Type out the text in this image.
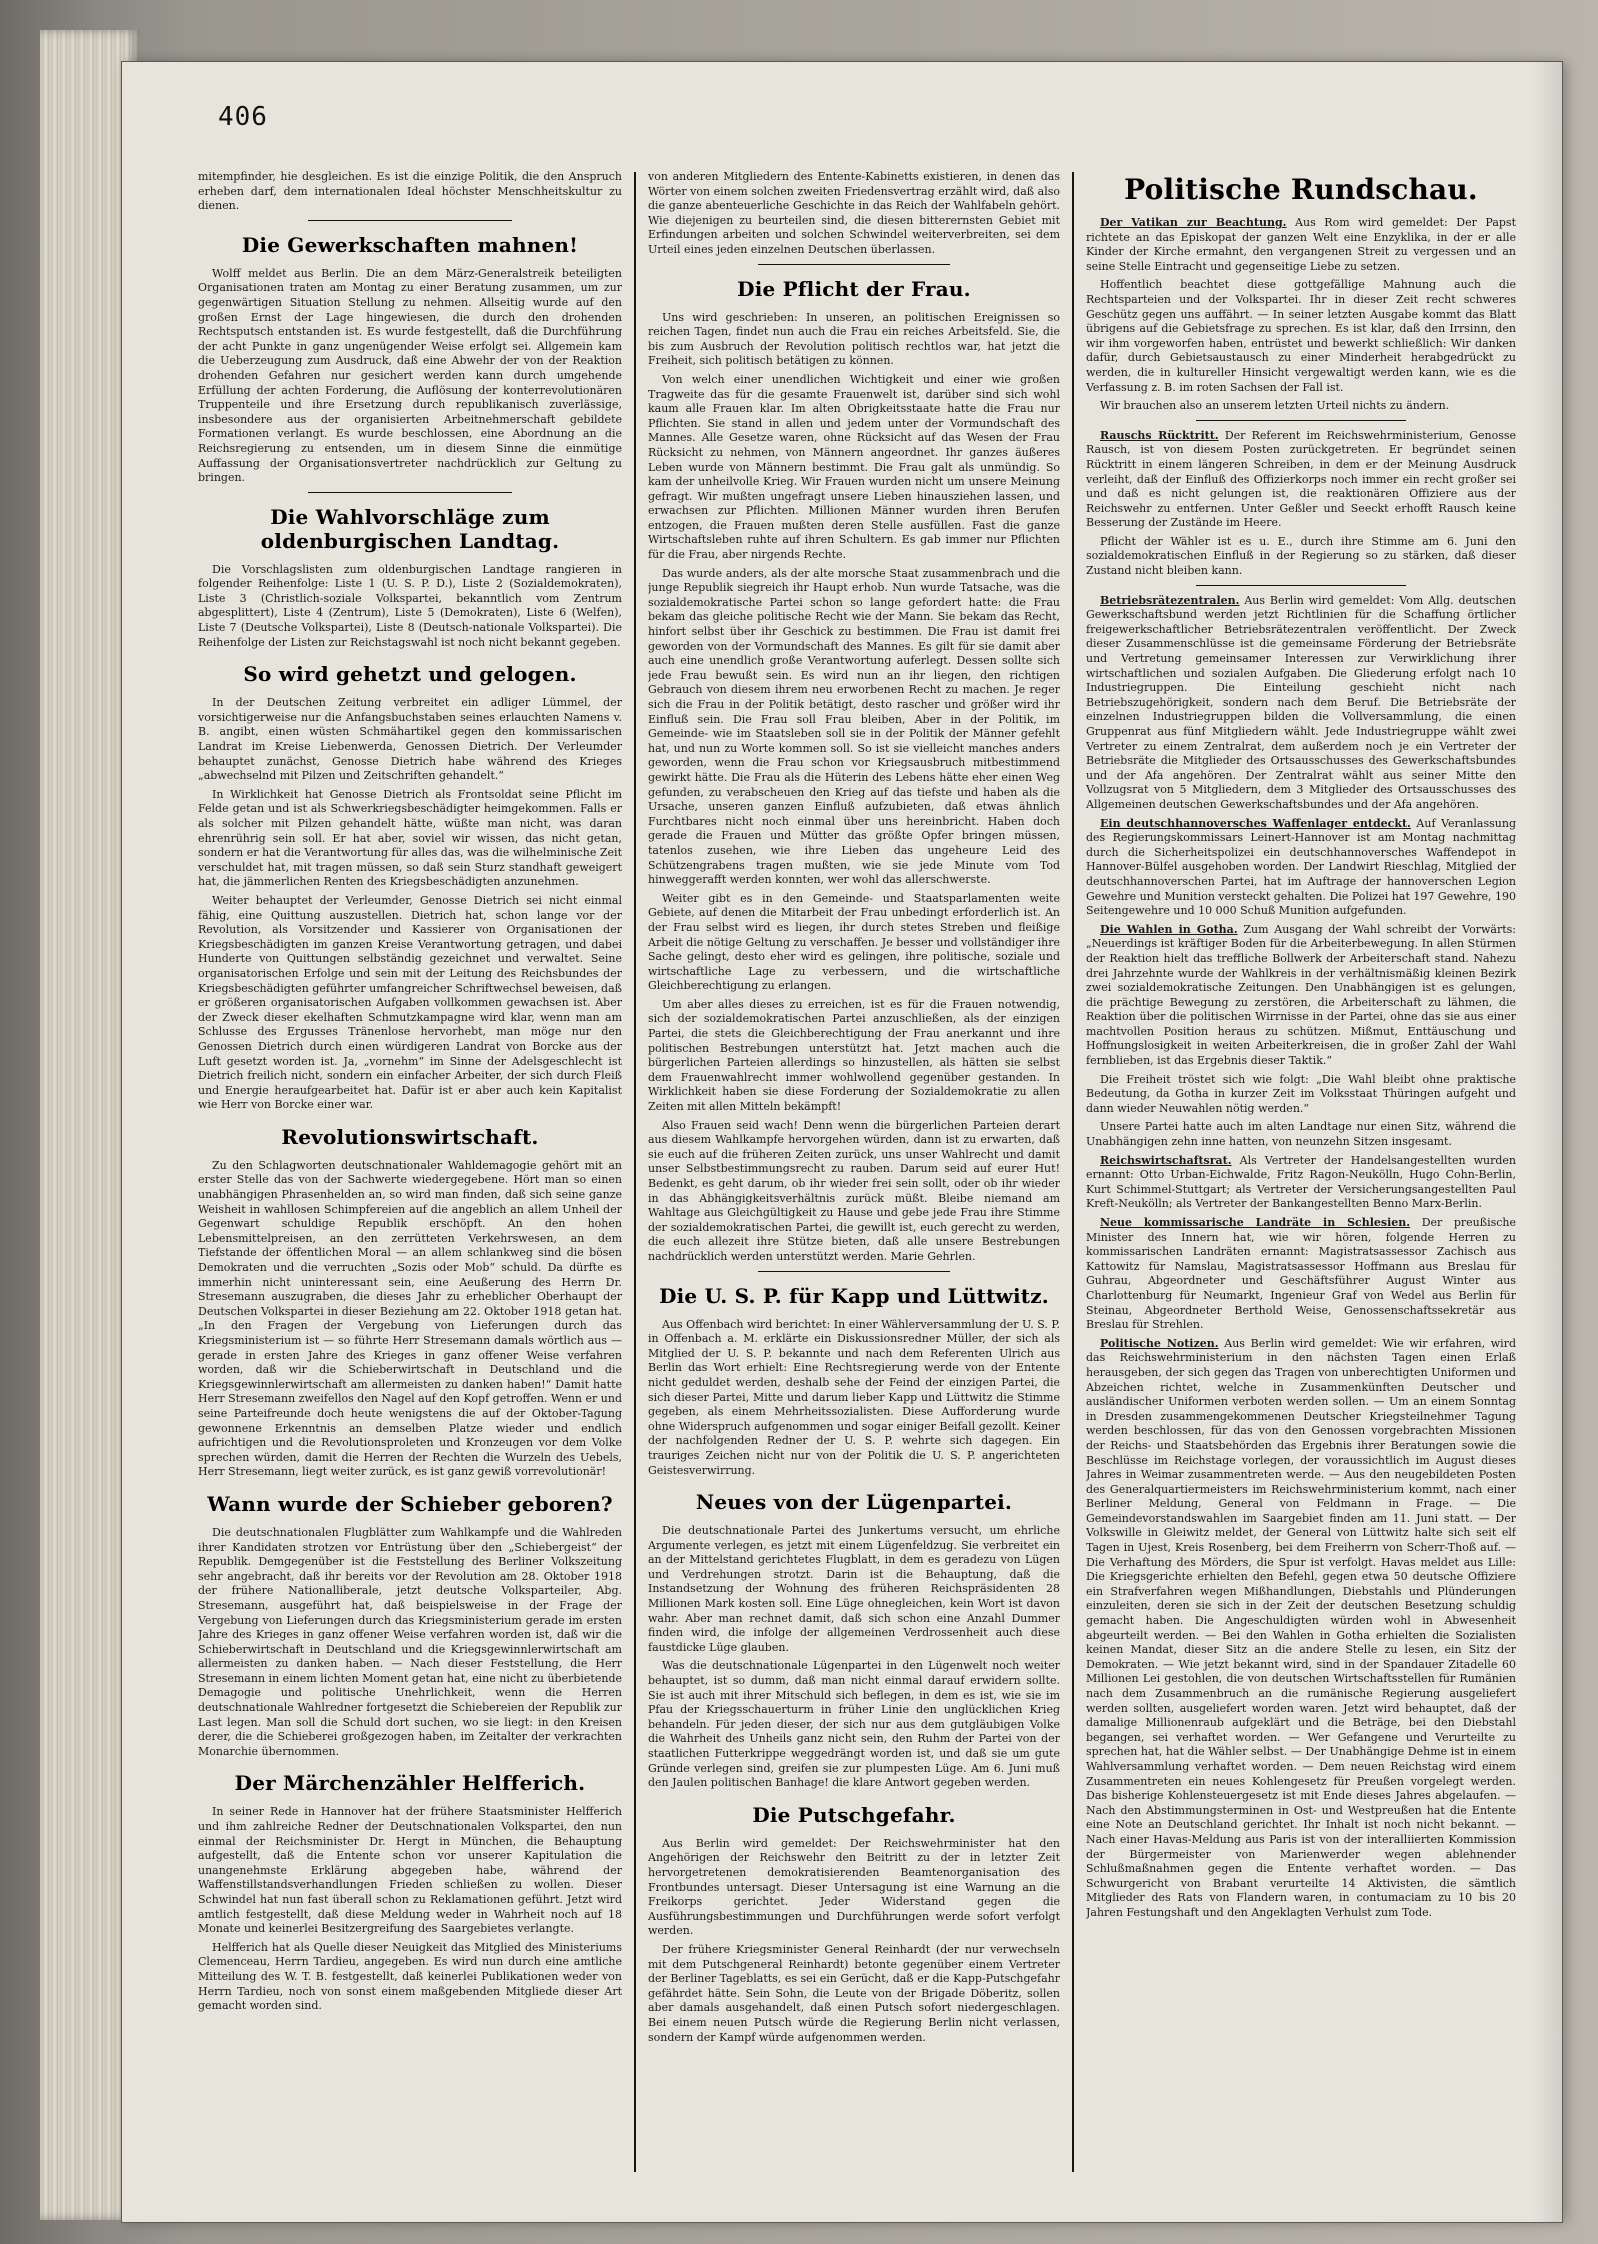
406

mitempfinder, hie desgleichen. Es ist die einzige Politik, die den Anspruch erheben darf, dem internationalen Ideal höchster Menschheitskultur zu dienen.

Die Gewerkschaften mahnen!

Wolff meldet aus Berlin. Die an dem März-Generalstreik beteiligten Organisationen traten am Montag zu einer Beratung zusammen, um zur gegenwärtigen Situation Stellung zu nehmen. Allseitig wurde auf den großen Ernst der Lage hingewiesen, die durch den drohenden Rechtsputsch entstanden ist. Es wurde festgestellt, daß die Durchführung der acht Punkte in ganz ungenügender Weise erfolgt sei. Allgemein kam die Ueberzeugung zum Ausdruck, daß eine Abwehr der von der Reaktion drohenden Gefahren nur gesichert werden kann durch umgehende Erfüllung der achten Forderung, die Auflösung der konterrevolutionären Truppenteile und ihre Ersetzung durch republikanisch zuverlässige, insbesondere aus der organisierten Arbeitnehmerschaft gebildete Formationen verlangt. Es wurde beschlossen, eine Abordnung an die Reichsregierung zu entsenden, um in diesem Sinne die einmütige Auffassung der Organisationsvertreter nachdrücklich zur Geltung zu bringen.

Die Wahlvorschläge zum oldenburgischen Landtag.

Die Vorschlagslisten zum oldenburgischen Landtage rangieren in folgender Reihenfolge: Liste 1 (U. S. P. D.), Liste 2 (Sozialdemokraten), Liste 3 (Christlich-soziale Volkspartei, bekanntlich vom Zentrum abgesplittert), Liste 4 (Zentrum), Liste 5 (Demokraten), Liste 6 (Welfen), Liste 7 (Deutsche Volkspartei), Liste 8 (Deutsch-nationale Volkspartei). Die Reihenfolge der Listen zur Reichstagswahl ist noch nicht bekannt gegeben.

So wird gehetzt und gelogen.

In der Deutschen Zeitung verbreitet ein adliger Lümmel, der vorsichtigerweise nur die Anfangsbuchstaben seines erlauchten Namens v. B. angibt, einen wüsten Schmähartikel gegen den kommissarischen Landrat im Kreise Liebenwerda, Genossen Dietrich. Der Verleumder behauptet zunächst, Genosse Dietrich habe während des Krieges „abwechselnd mit Pilzen und Zeitschriften gehandelt.“

In Wirklichkeit hat Genosse Dietrich als Frontsoldat seine Pflicht im Felde getan und ist als Schwerkriegsbeschädigter heimgekommen. Falls er als solcher mit Pilzen gehandelt hätte, wüßte man nicht, was daran ehrenrührig sein soll. Er hat aber, soviel wir wissen, das nicht getan, sondern er hat die Verantwortung für alles das, was die wilhelminische Zeit verschuldet hat, mit tragen müssen, so daß sein Sturz standhaft geweigert hat, die jämmerlichen Renten des Kriegsbeschädigten anzunehmen.

Weiter behauptet der Verleumder, Genosse Dietrich sei nicht einmal fähig, eine Quittung auszustellen. Dietrich hat, schon lange vor der Revolution, als Vorsitzender und Kassierer von Organisationen der Kriegsbeschädigten im ganzen Kreise Verantwortung getragen, und dabei Hunderte von Quittungen selbständig gezeichnet und verwaltet. Seine organisatorischen Erfolge und sein mit der Leitung des Reichsbundes der Kriegsbeschädigten geführter umfangreicher Schriftwechsel beweisen, daß er größeren organisatorischen Aufgaben vollkommen gewachsen ist. Aber der Zweck dieser ekelhaften Schmutzkampagne wird klar, wenn man am Schlusse des Ergusses Tränenlose hervorhebt, man möge nur den Genossen Dietrich durch einen würdigeren Landrat von Borcke aus der Luft gesetzt worden ist. Ja, „vornehm“ im Sinne der Adelsgeschlecht ist Dietrich freilich nicht, sondern ein einfacher Arbeiter, der sich durch Fleiß und Energie heraufgearbeitet hat. Dafür ist er aber auch kein Kapitalist wie Herr von Borcke einer war.

Revolutionswirtschaft.

Zu den Schlagworten deutschnationaler Wahldemagogie gehört mit an erster Stelle das von der Sachwerte wiedergegebene. Hört man so einen unabhängigen Phrasenhelden an, so wird man finden, daß sich seine ganze Weisheit in wahllosen Schimpfereien auf die angeblich an allem Unheil der Gegenwart schuldige Republik erschöpft. An den hohen Lebensmittelpreisen, an den zerrütteten Verkehrswesen, an dem Tiefstande der öffentlichen Moral — an allem schlankweg sind die bösen Demokraten und die verruchten „Sozis oder Mob“ schuld. Da dürfte es immerhin nicht uninteressant sein, eine Aeußerung des Herrn Dr. Stresemann auszugraben, die dieses Jahr zu erheblicher Oberhaupt der Deutschen Volkspartei in dieser Beziehung am 22. Oktober 1918 getan hat. „In den Fragen der Vergebung von Lieferungen durch das Kriegsministerium ist — so führte Herr Stresemann damals wörtlich aus — gerade in ersten Jahre des Krieges in ganz offener Weise verfahren worden, daß wir die Schieberwirtschaft in Deutschland und die Kriegsgewinnlerwirtschaft am allermeisten zu danken haben!“ Damit hatte Herr Stresemann zweifellos den Nagel auf den Kopf getroffen. Wenn er und seine Parteifreunde doch heute wenigstens die auf der Oktober-Tagung gewonnene Erkenntnis an demselben Platze wieder und endlich aufrichtigen und die Revolutionsproleten und Kronzeugen vor dem Volke sprechen würden, damit die Herren der Rechten die Wurzeln des Uebels, Herr Stresemann, liegt weiter zurück, es ist ganz gewiß vorrevolutionär!

Wann wurde der Schieber geboren?

Die deutschnationalen Flugblätter zum Wahlkampfe und die Wahlreden ihrer Kandidaten strotzen vor Entrüstung über den „Schiebergeist“ der Republik. Demgegenüber ist die Feststellung des Berliner Volkszeitung sehr angebracht, daß ihr bereits vor der Revolution am 28. Oktober 1918 der frühere Nationalliberale, jetzt deutsche Volksparteiler, Abg. Stresemann, ausgeführt hat, daß beispielsweise in der Frage der Vergebung von Lieferungen durch das Kriegsministerium gerade im ersten Jahre des Krieges in ganz offener Weise verfahren worden ist, daß wir die Schieberwirtschaft in Deutschland und die Kriegsgewinnlerwirtschaft am allermeisten zu danken haben. — Nach dieser Feststellung, die Herr Stresemann in einem lichten Moment getan hat, eine nicht zu überbietende Demagogie und politische Unehrlichkeit, wenn die Herren deutschnationale Wahlredner fortgesetzt die Schiebereien der Republik zur Last legen. Man soll die Schuld dort suchen, wo sie liegt: in den Kreisen derer, die die Schieberei großgezogen haben, im Zeitalter der verkrachten Monarchie übernommen.

Der Märchenzähler Helfferich.

In seiner Rede in Hannover hat der frühere Staatsminister Helfferich und ihm zahlreiche Redner der Deutschnationalen Volkspartei, den nun einmal der Reichsminister Dr. Hergt in München, die Behauptung aufgestellt, daß die Entente schon vor unserer Kapitulation die unangenehmste Erklärung abgegeben habe, während der Waffenstillstandsverhandlungen Frieden schließen zu wollen. Dieser Schwindel hat nun fast überall schon zu Reklamationen geführt. Jetzt wird amtlich festgestellt, daß diese Meldung weder in Wahrheit noch auf 18 Monate und keinerlei Besitzergreifung des Saargebietes verlangte.

Helfferich hat als Quelle dieser Neuigkeit das Mitglied des Ministeriums Clemenceau, Herrn Tardieu, angegeben. Es wird nun durch eine amtliche Mitteilung des W. T. B. festgestellt, daß keinerlei Publikationen weder von Herrn Tardieu, noch von sonst einem maßgebenden Mitgliede dieser Art gemacht worden sind.

von anderen Mitgliedern des Entente-Kabinetts existieren, in denen das Wörter von einem solchen zweiten Friedensvertrag erzählt wird, daß also die ganze abenteuerliche Geschichte in das Reich der Wahlfabeln gehört. Wie diejenigen zu beurteilen sind, die diesen bitterernsten Gebiet mit Erfindungen arbeiten und solchen Schwindel weiterverbreiten, sei dem Urteil eines jeden einzelnen Deutschen überlassen.

Die Pflicht der Frau.

Uns wird geschrieben: In unseren, an politischen Ereignissen so reichen Tagen, findet nun auch die Frau ein reiches Arbeitsfeld. Sie, die bis zum Ausbruch der Revolution politisch rechtlos war, hat jetzt die Freiheit, sich politisch betätigen zu können.

Von welch einer unendlichen Wichtigkeit und einer wie großen Tragweite das für die gesamte Frauenwelt ist, darüber sind sich wohl kaum alle Frauen klar. Im alten Obrigkeitsstaate hatte die Frau nur Pflichten. Sie stand in allen und jedem unter der Vormundschaft des Mannes. Alle Gesetze waren, ohne Rücksicht auf das Wesen der Frau Rücksicht zu nehmen, von Männern angeordnet. Ihr ganzes äußeres Leben wurde von Männern bestimmt. Die Frau galt als unmündig. So kam der unheilvolle Krieg. Wir Frauen wurden nicht um unsere Meinung gefragt. Wir mußten ungefragt unsere Lieben hinausziehen lassen, und erwachsen zur Pflichten. Millionen Männer wurden ihren Berufen entzogen, die Frauen mußten deren Stelle ausfüllen. Fast die ganze Wirtschaftsleben ruhte auf ihren Schultern. Es gab immer nur Pflichten für die Frau, aber nirgends Rechte.

Das wurde anders, als der alte morsche Staat zusammenbrach und die junge Republik siegreich ihr Haupt erhob. Nun wurde Tatsache, was die sozialdemokratische Partei schon so lange gefordert hatte: die Frau bekam das gleiche politische Recht wie der Mann. Sie bekam das Recht, hinfort selbst über ihr Geschick zu bestimmen. Die Frau ist damit frei geworden von der Vormundschaft des Mannes. Es gilt für sie damit aber auch eine unendlich große Verantwortung auferlegt. Dessen sollte sich jede Frau bewußt sein. Es wird nun an ihr liegen, den richtigen Gebrauch von diesem ihrem neu erworbenen Recht zu machen. Je reger sich die Frau in der Politik betätigt, desto rascher und größer wird ihr Einfluß sein. Die Frau soll Frau bleiben, Aber in der Politik, im Gemeinde- wie im Staatsleben soll sie in der Politik der Männer gefehlt hat, und nun zu Worte kommen soll. So ist sie vielleicht manches anders geworden, wenn die Frau schon vor Kriegsausbruch mitbestimmend gewirkt hätte. Die Frau als die Hüterin des Lebens hätte eher einen Weg gefunden, zu verabscheuen den Krieg auf das tiefste und haben als die Ursache, unseren ganzen Einfluß aufzubieten, daß etwas ähnlich Furchtbares nicht noch einmal über uns hereinbricht. Haben doch gerade die Frauen und Mütter das größte Opfer bringen müssen, tatenlos zusehen, wie ihre Lieben das ungeheure Leid des Schützengrabens tragen mußten, wie sie jede Minute vom Tod hinweggerafft werden konnten, wer wohl das allerschwerste.

Weiter gibt es in den Gemeinde- und Staatsparlamenten weite Gebiete, auf denen die Mitarbeit der Frau unbedingt erforderlich ist. An der Frau selbst wird es liegen, ihr durch stetes Streben und fleißige Arbeit die nötige Geltung zu verschaffen. Je besser und vollständiger ihre Sache gelingt, desto eher wird es gelingen, ihre politische, soziale und wirtschaftliche Lage zu verbessern, und die wirtschaftliche Gleichberechtigung zu erlangen.

Um aber alles dieses zu erreichen, ist es für die Frauen notwendig, sich der sozialdemokratischen Partei anzuschließen, als der einzigen Partei, die stets die Gleichberechtigung der Frau anerkannt und ihre politischen Bestrebungen unterstützt hat. Jetzt machen auch die bürgerlichen Parteien allerdings so hinzustellen, als hätten sie selbst dem Frauenwahlrecht immer wohlwollend gegenüber gestanden. In Wirklichkeit haben sie diese Forderung der Sozialdemokratie zu allen Zeiten mit allen Mitteln bekämpft!

Also Frauen seid wach! Denn wenn die bürgerlichen Parteien derart aus diesem Wahlkampfe hervorgehen würden, dann ist zu erwarten, daß sie euch auf die früheren Zeiten zurück, uns unser Wahlrecht und damit unser Selbstbestimmungsrecht zu rauben. Darum seid auf eurer Hut! Bedenkt, es geht darum, ob ihr wieder frei sein sollt, oder ob ihr wieder in das Abhängigkeitsverhältnis zurück müßt. Bleibe niemand am Wahltage aus Gleichgültigkeit zu Hause und gebe jede Frau ihre Stimme der sozialdemokratischen Partei, die gewillt ist, euch gerecht zu werden, die euch allezeit ihre Stütze bieten, daß alle unsere Bestrebungen nachdrücklich werden unterstützt werden. Marie Gehrlen.

Die U. S. P. für Kapp und Lüttwitz.

Aus Offenbach wird berichtet: In einer Wählerversammlung der U. S. P. in Offenbach a. M. erklärte ein Diskussionsredner Müller, der sich als Mitglied der U. S. P. bekannte und nach dem Referenten Ulrich aus Berlin das Wort erhielt: Eine Rechtsregierung werde von der Entente nicht geduldet werden, deshalb sehe der Feind der einzigen Partei, die sich dieser Partei, Mitte und darum lieber Kapp und Lüttwitz die Stimme gegeben, als einem Mehrheitssozialisten. Diese Aufforderung wurde ohne Widerspruch aufgenommen und sogar einiger Beifall gezollt. Keiner der nachfolgenden Redner der U. S. P. wehrte sich dagegen. Ein trauriges Zeichen nicht nur von der Politik die U. S. P. angerichteten Geistesverwirrung.

Neues von der Lügenpartei.

Die deutschnationale Partei des Junkertums versucht, um ehrliche Argumente verlegen, es jetzt mit einem Lügenfeldzug. Sie verbreitet ein an der Mittelstand gerichtetes Flugblatt, in dem es geradezu von Lügen und Verdrehungen strotzt. Darin ist die Behauptung, daß die Instandsetzung der Wohnung des früheren Reichspräsidenten 28 Millionen Mark kosten soll. Eine Lüge ohnegleichen, kein Wort ist davon wahr. Aber man rechnet damit, daß sich schon eine Anzahl Dummer finden wird, die infolge der allgemeinen Verdrossenheit auch diese faustdicke Lüge glauben.

Was die deutschnationale Lügenpartei in den Lügenwelt noch weiter behauptet, ist so dumm, daß man nicht einmal darauf erwidern sollte. Sie ist auch mit ihrer Mitschuld sich beflegen, in dem es ist, wie sie im Pfau der Kriegsschauerturm in früher Linie den unglücklichen Krieg behandeln. Für jeden dieser, der sich nur aus dem gutgläubigen Volke die Wahrheit des Unheils ganz nicht sein, den Ruhm der Partei von der staatlichen Futterkrippe weggedrängt worden ist, und daß sie um gute Gründe verlegen sind, greifen sie zur plumpesten Lüge. Am 6. Juni muß den Jaulen politischen Banhage! die klare Antwort gegeben werden.

Die Putschgefahr.

Aus Berlin wird gemeldet: Der Reichswehrminister hat den Angehörigen der Reichswehr den Beitritt zu der in letzter Zeit hervorgetretenen demokratisierenden Beamtenorganisation des Frontbundes untersagt. Dieser Untersagung ist eine Warnung an die Freikorps gerichtet. Jeder Widerstand gegen die Ausführungsbestimmungen und Durchführungen werde sofort verfolgt werden.

Der frühere Kriegsminister General Reinhardt (der nur verwechseln mit dem Putschgeneral Reinhardt) betonte gegenüber einem Vertreter der Berliner Tageblatts, es sei ein Gerücht, daß er die Kapp-Putschgefahr gefährdet hätte. Sein Sohn, die Leute von der Brigade Döberitz, sollen aber damals ausgehandelt, daß einen Putsch sofort niedergeschlagen. Bei einem neuen Putsch würde die Regierung Berlin nicht verlassen, sondern der Kampf würde aufgenommen werden.

Politische Rundschau.

Der Vatikan zur Beachtung. Aus Rom wird gemeldet: Der Papst richtete an das Episkopat der ganzen Welt eine Enzyklika, in der er alle Kinder der Kirche ermahnt, den vergangenen Streit zu vergessen und an seine Stelle Eintracht und gegenseitige Liebe zu setzen.

Hoffentlich beachtet diese gottgefällige Mahnung auch die Rechtsparteien und der Volkspartei. Ihr in dieser Zeit recht schweres Geschütz gegen uns auffährt. — In seiner letzten Ausgabe kommt das Blatt übrigens auf die Gebietsfrage zu sprechen. Es ist klar, daß den Irrsinn, den wir ihm vorgeworfen haben, entrüstet und bewerkt schließlich: Wir danken dafür, durch Gebietsaustausch zu einer Minderheit herabgedrückt zu werden, die in kultureller Hinsicht vergewaltigt werden kann, wie es die Verfassung z. B. im roten Sachsen der Fall ist.

Wir brauchen also an unserem letzten Urteil nichts zu ändern.

Rauschs Rücktritt. Der Referent im Reichswehrministerium, Genosse Rausch, ist von diesem Posten zurückgetreten. Er begründet seinen Rücktritt in einem längeren Schreiben, in dem er der Meinung Ausdruck verleiht, daß der Einfluß des Offizierkorps noch immer ein recht großer sei und daß es nicht gelungen ist, die reaktionären Offiziere aus der Reichswehr zu entfernen. Unter Geßler und Seeckt erhofft Rausch keine Besserung der Zustände im Heere.

Pflicht der Wähler ist es u. E., durch ihre Stimme am 6. Juni den sozialdemokratischen Einfluß in der Regierung so zu stärken, daß dieser Zustand nicht bleiben kann.

Betriebsrätezentralen. Aus Berlin wird gemeldet: Vom Allg. deutschen Gewerkschaftsbund werden jetzt Richtlinien für die Schaffung örtlicher freigewerkschaftlicher Betriebsrätezentralen veröffentlicht. Der Zweck dieser Zusammenschlüsse ist die gemeinsame Förderung der Betriebsräte und Vertretung gemeinsamer Interessen zur Verwirklichung ihrer wirtschaftlichen und sozialen Aufgaben. Die Gliederung erfolgt nach 10 Industriegruppen. Die Einteilung geschieht nicht nach Betriebszugehörigkeit, sondern nach dem Beruf. Die Betriebsräte der einzelnen Industriegruppen bilden die Vollversammlung, die einen Gruppenrat aus fünf Mitgliedern wählt. Jede Industriegruppe wählt zwei Vertreter zu einem Zentralrat, dem außerdem noch je ein Vertreter der Betriebsräte die Mitglieder des Ortsausschusses des Gewerkschaftsbundes und der Afa angehören. Der Zentralrat wählt aus seiner Mitte den Vollzugsrat von 5 Mitgliedern, dem 3 Mitglieder des Ortsausschusses des Allgemeinen deutschen Gewerkschaftsbundes und der Afa angehören.

Ein deutschhannoversches Waffenlager entdeckt. Auf Veranlassung des Regierungskommissars Leinert-Hannover ist am Montag nachmittag durch die Sicherheitspolizei ein deutschhannoversches Waffendepot in Hannover-Bülfel ausgehoben worden. Der Landwirt Rieschlag, Mitglied der deutschhannoverschen Partei, hat im Auftrage der hannoverschen Legion Gewehre und Munition versteckt gehalten. Die Polizei hat 197 Gewehre, 190 Seitengewehre und 10 000 Schuß Munition aufgefunden.

Die Wahlen in Gotha. Zum Ausgang der Wahl schreibt der Vorwärts: „Neuerdings ist kräftiger Boden für die Arbeiterbewegung. In allen Stürmen der Reaktion hielt das treffliche Bollwerk der Arbeiterschaft stand. Nahezu drei Jahrzehnte wurde der Wahlkreis in der verhältnismäßig kleinen Bezirk zwei sozialdemokratische Zeitungen. Den Unabhängigen ist es gelungen, die prächtige Bewegung zu zerstören, die Arbeiterschaft zu lähmen, die Reaktion über die politischen Wirrnisse in der Partei, ohne das sie aus einer machtvollen Position heraus zu schützen. Mißmut, Enttäuschung und Hoffnungslosigkeit in weiten Arbeiterkreisen, die in großer Zahl der Wahl fernblieben, ist das Ergebnis dieser Taktik.“

Die Freiheit tröstet sich wie folgt: „Die Wahl bleibt ohne praktische Bedeutung, da Gotha in kurzer Zeit im Volksstaat Thüringen aufgeht und dann wieder Neuwahlen nötig werden.“

Unsere Partei hatte auch im alten Landtage nur einen Sitz, während die Unabhängigen zehn inne hatten, von neunzehn Sitzen insgesamt.

Reichswirtschaftsrat. Als Vertreter der Handelsangestellten wurden ernannt: Otto Urban-Eichwalde, Fritz Ragon-Neukölln, Hugo Cohn-Berlin, Kurt Schimmel-Stuttgart; als Vertreter der Versicherungsangestellten Paul Kreft-Neukölln; als Vertreter der Bankangestellten Benno Marx-Berlin.

Neue kommissarische Landräte in Schlesien. Der preußische Minister des Innern hat, wie wir hören, folgende Herren zu kommissarischen Landräten ernannt: Magistratsassessor Zachisch aus Kattowitz für Namslau, Magistratsassessor Hoffmann aus Breslau für Guhrau, Abgeordneter und Geschäftsführer August Winter aus Charlottenburg für Neumarkt, Ingenieur Graf von Wedel aus Berlin für Steinau, Abgeordneter Berthold Weise, Genossenschaftssekretär aus Breslau für Strehlen.

Politische Notizen. Aus Berlin wird gemeldet: Wie wir erfahren, wird das Reichswehrministerium in den nächsten Tagen einen Erlaß herausgeben, der sich gegen das Tragen von unberechtigten Uniformen und Abzeichen richtet, welche in Zusammenkünften Deutscher und ausländischer Uniformen verboten werden sollen. — Um an einem Sonntag in Dresden zusammengekommenen Deutscher Kriegsteilnehmer Tagung werden beschlossen, für das von den Genossen vorgebrachten Missionen der Reichs- und Staatsbehörden das Ergebnis ihrer Beratungen sowie die Beschlüsse im Reichstage vorlegen, der voraussichtlich im August dieses Jahres in Weimar zusammentreten werde. — Aus den neugebildeten Posten des Generalquartiermeisters im Reichswehrministerium kommt, nach einer Berliner Meldung, General von Feldmann in Frage. — Die Gemeindevorstandswahlen im Saargebiet finden am 11. Juni statt. — Der Volkswille in Gleiwitz meldet, der General von Lüttwitz halte sich seit elf Tagen in Ujest, Kreis Rosenberg, bei dem Freiherrn von Scherr-Thoß auf. — Die Verhaftung des Mörders, die Spur ist verfolgt. Havas meldet aus Lille: Die Kriegsgerichte erhielten den Befehl, gegen etwa 50 deutsche Offiziere ein Strafverfahren wegen Mißhandlungen, Diebstahls und Plünderungen einzuleiten, deren sie sich in der Zeit der deutschen Besetzung schuldig gemacht haben. Die Angeschuldigten würden wohl in Abwesenheit abgeurteilt werden. — Bei den Wahlen in Gotha erhielten die Sozialisten keinen Mandat, dieser Sitz an die andere Stelle zu lesen, ein Sitz der Demokraten. — Wie jetzt bekannt wird, sind in der Spandauer Zitadelle 60 Millionen Lei gestohlen, die von deutschen Wirtschaftsstellen für Rumänien nach dem Zusammenbruch an die rumänische Regierung ausgeliefert werden sollten, ausgeliefert worden waren. Jetzt wird behauptet, daß der damalige Millionenraub aufgeklärt und die Beträge, bei den Diebstahl begangen, sei verhaftet worden. — Wer Gefangene und Verurteilte zu sprechen hat, hat die Wähler selbst. — Der Unabhängige Dehme ist in einem Wahlversammlung verhaftet worden. — Dem neuen Reichstag wird einem Zusammentreten ein neues Kohlengesetz für Preußen vorgelegt werden. Das bisherige Kohlensteuergesetz ist mit Ende dieses Jahres abgelaufen. — Nach den Abstimmungsterminen in Ost- und Westpreußen hat die Entente eine Note an Deutschland gerichtet. Ihr Inhalt ist noch nicht bekannt. — Nach einer Havas-Meldung aus Paris ist von der interalliierten Kommission der Bürgermeister von Marienwerder wegen ablehnender Schlußmaßnahmen gegen die Entente verhaftet worden. — Das Schwurgericht von Brabant verurteilte 14 Aktivisten, die sämtlich Mitglieder des Rats von Flandern waren, in contumaciam zu 10 bis 20 Jahren Festungshaft und den Angeklagten Verhulst zum Tode.
